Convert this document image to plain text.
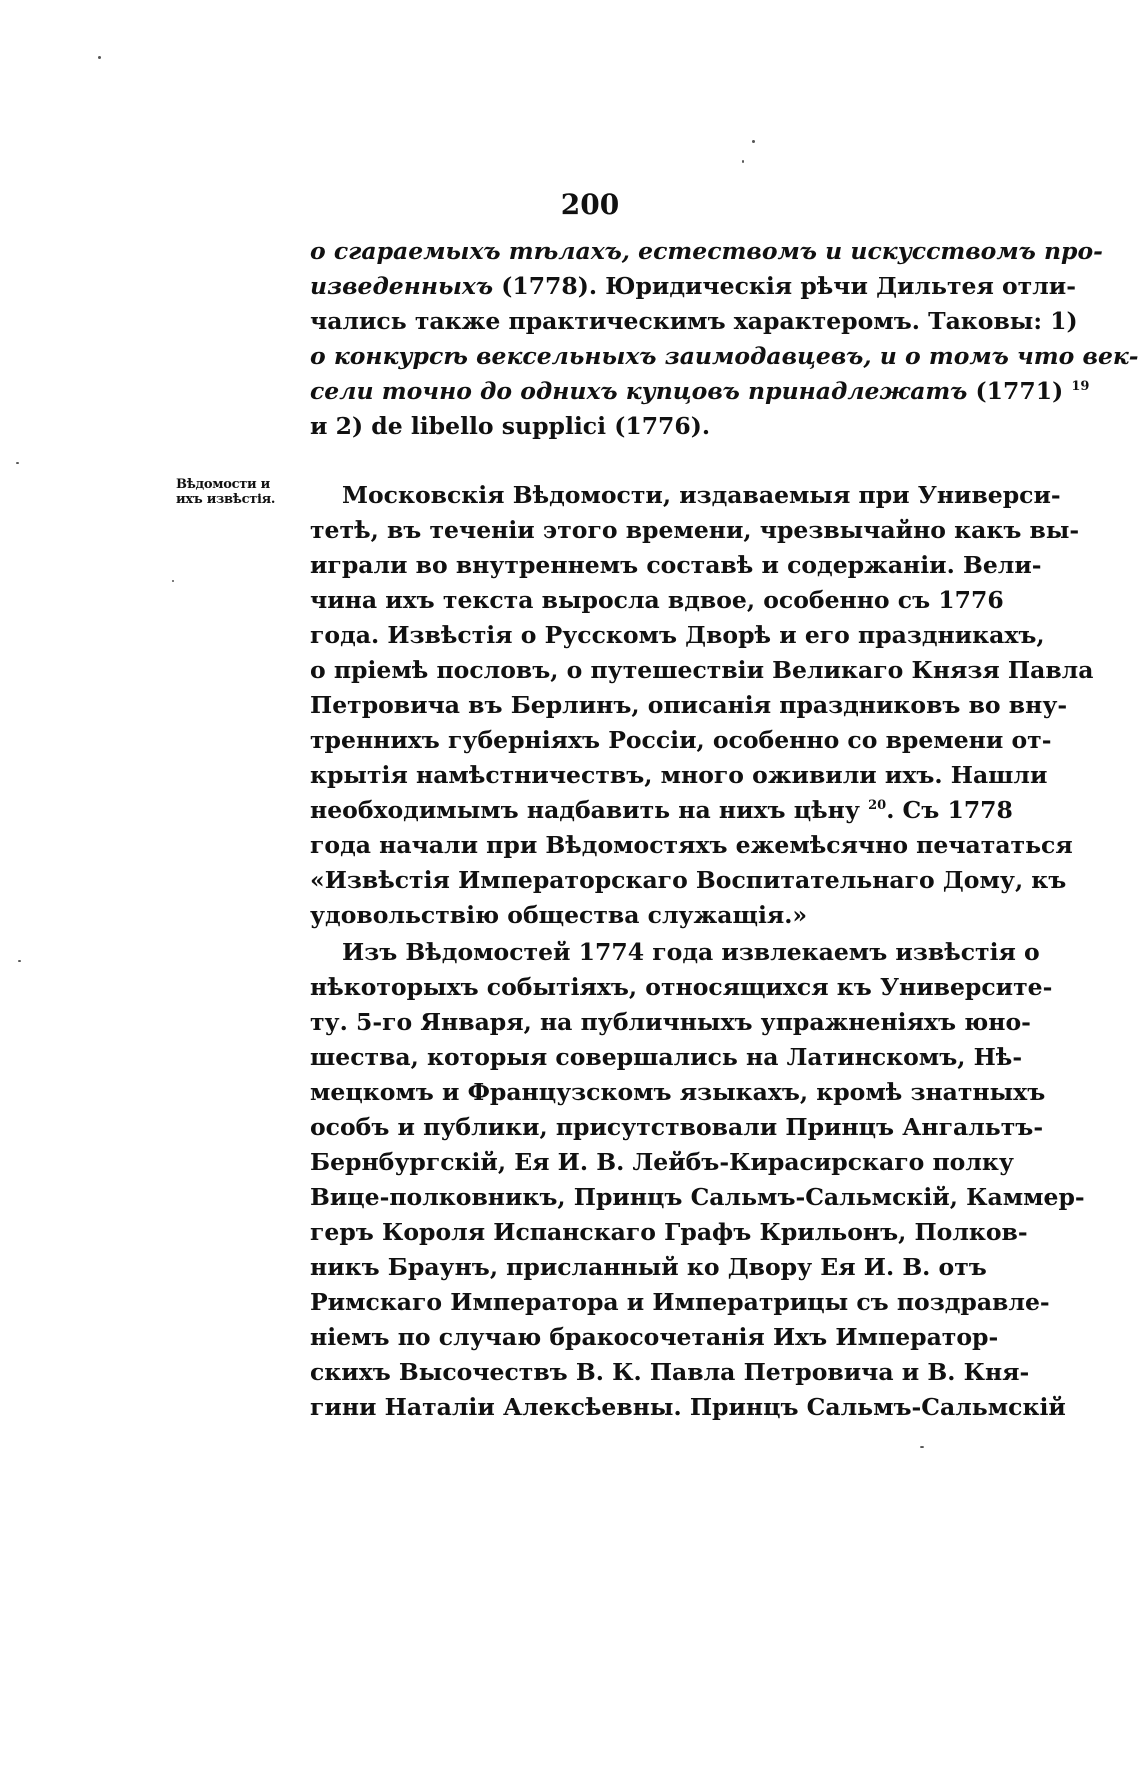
200
Вѣдомости и
ихъ извѣстія.
о сгараемыхъ тѣлахъ, естествомъ и искусствомъ про-
изведенныхъ (1778). Юридическія рѣчи Дильтея отли-
чались также практическимъ характеромъ. Таковы: 1)
о конкурсѣ вексельныхъ заимодавцевъ, и о томъ что век-
сели точно до однихъ купцовъ принадлежатъ (1771) $^{19}$
и 2) de libello supplici (1776).
Московскія Вѣдомости, издаваемыя при Универси-
тетѣ, въ теченіи этого времени, чрезвычайно какъ вы-
играли во внутреннемъ составѣ и содержаніи. Вели-
чина ихъ текста выросла вдвое, особенно съ 1776
года. Извѣстія о Русскомъ Дворѣ и его праздникахъ,
о пріемѣ пословъ, о путешествіи Великаго Князя Павла
Петровича въ Берлинъ, описанія праздниковъ во вну-
треннихъ губерніяхъ Россіи, особенно со времени от-
крытія намѣстничествъ, много оживили ихъ. Нашли
необходимымъ надбавить на нихъ цѣну $^{20}$. Съ 1778
года начали при Вѣдомостяхъ ежемѣсячно печататься
«Извѣстія Императорскаго Воспитательнаго Дому, къ
удовольствію общества служащія.»
Изъ Вѣдомостей 1774 года извлекаемъ извѣстія о
нѣкоторыхъ событіяхъ, относящихся къ Университе-
ту. 5-го Января, на публичныхъ упражненіяхъ юно-
шества, которыя совершались на Латинскомъ, Нѣ-
мецкомъ и Французскомъ языкахъ, кромѣ знатныхъ
особъ и публики, присутствовали Принцъ Ангальтъ-
Бернбургскій, Ея И. В. Лейбъ-Кирасирскаго полку
Вице-полковникъ, Принцъ Сальмъ-Сальмскій, Каммер-
геръ Короля Испанскаго Графъ Крильонъ, Полков-
никъ Браунъ, присланный ко Двору Ея И. В. отъ
Римскаго Императора и Императрицы съ поздравле-
ніемъ по случаю бракосочетанія Ихъ Император-
скихъ Высочествъ В. К. Павла Петровича и В. Кня-
гини Наталіи Алексѣевны. Принцъ Сальмъ-Сальмскій
